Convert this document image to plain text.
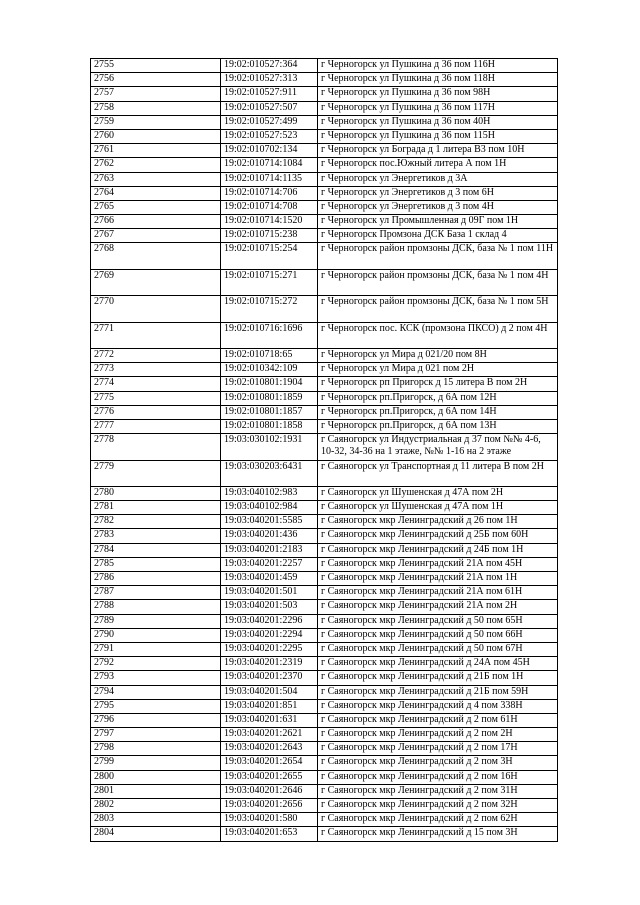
2755	19:02:010527:364	г Черногорск ул Пушкина д 36 пом 116Н
2756	19:02:010527:313	г Черногорск ул Пушкина д 36 пом 118Н
2757	19:02:010527:911	г Черногорск ул Пушкина д 36 пом 98Н
2758	19:02:010527:507	г Черногорск ул Пушкина д 36 пом 117Н
2759	19:02:010527:499	г Черногорск ул Пушкина д 36 пом 40Н
2760	19:02:010527:523	г Черногорск ул Пушкина д 36 пом 115Н
2761	19:02:010702:134	г Черногорск ул Бограда д 1 литера В3 пом 10Н
2762	19:02:010714:1084	г Черногорск пос.Южный литера А пом 1Н
2763	19:02:010714:1135	г Черногорск ул Энергетиков д 3А
2764	19:02:010714:706	г Черногорск ул Энергетиков д 3 пом 6Н
2765	19:02:010714:708	г Черногорск ул Энергетиков д 3 пом 4Н
2766	19:02:010714:1520	г Черногорск ул Промышленная д 09Г пом 1Н
2767	19:02:010715:238	г Черногорск Промзона ДСК База 1 склад 4
2768	19:02:010715:254	г Черногорск район промзоны ДСК, база № 1 пом 11Н
2769	19:02:010715:271	г Черногорск район промзоны ДСК, база № 1 пом 4Н
2770	19:02:010715:272	г Черногорск район промзоны ДСК, база № 1 пом 5Н
2771	19:02:010716:1696	г Черногорск пос. КСК (промзона ПКСО) д 2 пом 4Н
2772	19:02:010718:65	г Черногорск ул Мира д 021/20 пом 8Н
2773	19:02:010342:109	г Черногорск ул Мира д 021 пом 2Н
2774	19:02:010801:1904	г Черногорск рп Пригорск д 15 литера В пом 2Н
2775	19:02:010801:1859	г Черногорск рп.Пригорск, д 6А пом 12Н
2776	19:02:010801:1857	г Черногорск рп.Пригорск, д 6А пом 14Н
2777	19:02:010801:1858	г Черногорск рп.Пригорск, д 6А пом 13Н
2778	19:03:030102:1931	г Саяногорск ул Индустриальная д 37 пом №№ 4-6, 10-32, 34-36 на 1 этаже, №№ 1-16 на 2 этаже
2779	19:03:030203:6431	г Саяногорск ул Транспортная д 11 литера В пом 2Н
2780	19:03:040102:983	г Саяногорск ул Шушенская д 47А пом 2Н
2781	19:03:040102:984	г Саяногорск ул Шушенская д 47А пом 1Н
2782	19:03:040201:5585	г Саяногорск мкр Ленинградский д 26 пом 1Н
2783	19:03:040201:436	г Саяногорск мкр Ленинградский д 25Б пом 60Н
2784	19:03:040201:2183	г Саяногорск мкр Ленинградский д 24Б пом 1Н
2785	19:03:040201:2257	г Саяногорск мкр Ленинградский 21А пом 45Н
2786	19:03:040201:459	г Саяногорск мкр Ленинградский 21А пом 1Н
2787	19:03:040201:501	г Саяногорск мкр Ленинградский 21А пом 61Н
2788	19:03:040201:503	г Саяногорск мкр Ленинградский 21А пом 2Н
2789	19:03:040201:2296	г Саяногорск мкр Ленинградский д 50 пом 65Н
2790	19:03:040201:2294	г Саяногорск мкр Ленинградский д 50 пом 66Н
2791	19:03:040201:2295	г Саяногорск мкр Ленинградский д 50 пом 67Н
2792	19:03:040201:2319	г Саяногорск мкр Ленинградский д 24А пом 45Н
2793	19:03:040201:2370	г Саяногорск мкр Ленинградский д 21Б пом 1Н
2794	19:03:040201:504	г Саяногорск мкр Ленинградский д 21Б пом 59Н
2795	19:03:040201:851	г Саяногорск мкр Ленинградский д 4 пом 338Н
2796	19:03:040201:631	г Саяногорск мкр Ленинградский д 2 пом 61Н
2797	19:03:040201:2621	г Саяногорск мкр Ленинградский д 2 пом 2Н
2798	19:03:040201:2643	г Саяногорск мкр Ленинградский д 2 пом 17Н
2799	19:03:040201:2654	г Саяногорск мкр Ленинградский д 2 пом 3Н
2800	19:03:040201:2655	г Саяногорск мкр Ленинградский д 2 пом 16Н
2801	19:03:040201:2646	г Саяногорск мкр Ленинградский д 2 пом 31Н
2802	19:03:040201:2656	г Саяногорск мкр Ленинградский д 2 пом 32Н
2803	19:03:040201:580	г Саяногорск мкр Ленинградский д 2 пом 62Н
2804	19:03:040201:653	г Саяногорск мкр Ленинградский д 15 пом 3Н
